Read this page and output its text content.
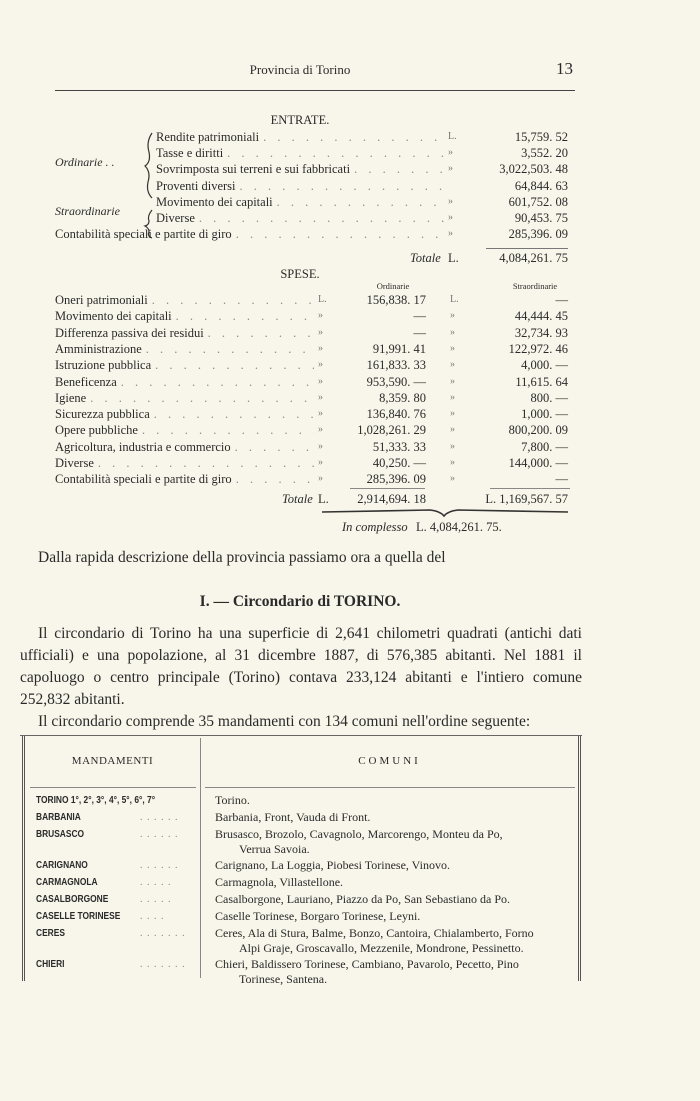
Provincia di Torino	13
ENTRATE.
Ordinarie . .
Straordinarie
Rendite patrimoniali . . .	L.	15,759. 52
Tasse e diritti . . .	»	3,552. 20
Sovrimposta sui terreni e sui fabbricati . . .	»	3,022,503. 48
Proventi diversi . . .	64,844. 63
Movimento dei capitali . . .	»	601,752. 08
Diverse . . .	»	90,453. 75
Contabilità speciali e partite di giro . . .	»	285,396. 09
Totale L.	4,084,261. 75
SPESE.
Ordinarie	Straordinarie
Oneri patrimoniali . . .	L.	156,838. 17 L.	—
Movimento dei capitali . . .	»	— »	44,444. 45
Differenza passiva dei residui . . .	»	— »	32,734. 93
Amministrazione . . .	»	91,991. 41 »	122,972. 46
Istruzione pubblica . . .	»	161,833. 33 »	4,000. —
Beneficenza . . .	»	953,590. — »	11,615. 64
Igiene . . .	»	8,359. 80 »	800. —
Sicurezza pubblica . . .	»	136,840. 76 »	1,000. —
Opere pubbliche . . .	»	1,028,261. 29 »	800,200. 09
Agricoltura, industria e commercio . . .	»	51,333. 33 »	7,800. —
Diverse . . .	»	40,250. — »	144,000. —
Contabilità speciali e partite di giro . . .	»	285,396. 09 »	—
Totale L.	2,914,694. 18	L. 1,169,567. 57
In complesso L. 4,084,261. 75.
Dalla rapida descrizione della provincia passiamo ora a quella del
I. — Circondario di TORINO.

Il circondario di Torino ha una superficie di 2,641 chilometri quadrati (antichi dati ufficiali) e una popolazione, al 31 dicembre 1887, di 576,385 abitanti. Nel 1881 il capoluogo o centro principale (Torino) contava 233,124 abitanti e l'intiero comune 252,832 abitanti.

Il circondario comprende 35 mandamenti con 134 comuni nell'ordine seguente:

MANDAMENTI	COMUNI
TORINO 1°, 2°, 3°, 4°, 5°, 6°, 7°	Torino.
BARBANIA	. . . . . .	Barbania, Front, Vauda di Front.
BRUSASCO	. . . . . .	Brusasco, Brozolo, Cavagnolo, Marcorengo, Monteu da Po,
Verrua Savoia.
CARIGNANO	. . . . . .	Carignano, La Loggia, Piobesi Torinese, Vinovo.
CARMAGNOLA	. . . . .	Carmagnola, Villastellone.
CASALBORGONE	. . . . .	Casalborgone, Lauriano, Piazzo da Po, San Sebastiano da Po.
CASELLE TORINESE . . . .	Caselle Torinese, Borgaro Torinese, Leyni.
CERES	. . . . . . . Ceres, Ala di Stura, Balme, Bonzo, Cantoira, Chialamberto, Forno
Alpi Graje, Groscavallo, Mezzenile, Mondrone, Pessinetto.
CHIERI	. . . . . . . Chieri, Baldissero Torinese, Cambiano, Pavarolo, Pecetto, Pino
Torinese, Santena.
